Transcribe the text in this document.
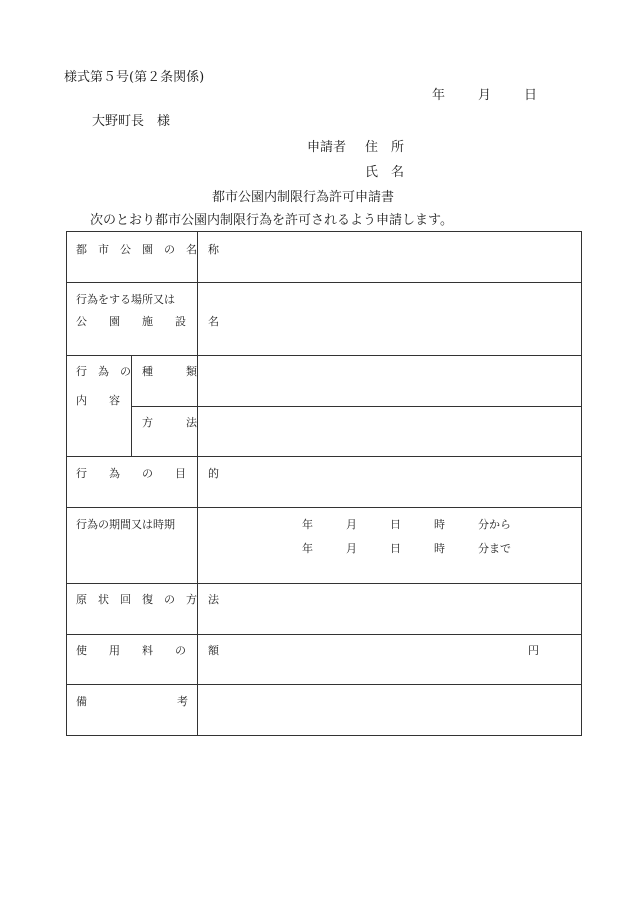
様式第５号(第２条関係)
年	月	日
大野町長　様
申請者 住　所
氏　名
都市公園内制限行為許可申請書
次のとおり都市公園内制限行為を許可されるよう申請します。
都　市　公　園　の　名　称
行為をする場所又は
公　　園　　施　　設　　名
行　為　の
内　　容
種　　　類
方　　　法
行　　為　　の　　目　　的
行為の期間又は時期	年　　　月　　　日　　　時　　　分から
年　　　月　　　日　　　時　　　分まで
原　状　回　復　の　方　法
使　　用　　料　　の　　額	円
備	考
